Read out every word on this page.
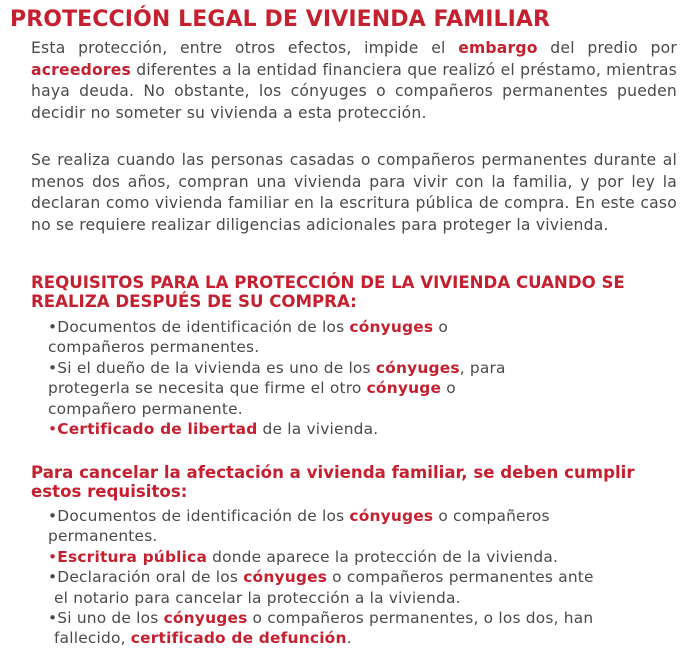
PROTECCIÓN LEGAL DE VIVIENDA FAMILIAR

Esta protección, entre otros efectos, impide el embargo del predio por acreedores diferentes a la entidad financiera que realizó el préstamo, mientras haya deuda. No obstante, los cónyuges o compañeros permanentes pueden decidir no someter su vivienda a esta protección.

Se realiza cuando las personas casadas o compañeros permanentes durante al menos dos años, compran una vivienda para vivir con la familia, y por ley la declaran como vivienda familiar en la escritura pública de compra. En este caso no se requiere realizar diligencias adicionales para proteger la vivienda.

REQUISITOS PARA LA PROTECCIÓN DE LA VIVIENDA CUANDO SE
REALIZA DESPUÉS DE SU COMPRA:
•Documentos de identificación de los cónyuges o
compañeros permanentes.
•Si el dueño de la vivienda es uno de los cónyuges, para
protegerla se necesita que firme el otro cónyuge o
compañero permanente.
•Certificado de libertad de la vivienda.
Para cancelar la afectación a vivienda familiar, se deben cumplir
estos requisitos:
•Documentos de identificación de los cónyuges o compañeros
permanentes.
•Escritura pública donde aparece la protección de la vivienda.
•Declaración oral de los cónyuges o compañeros permanentes ante
el notario para cancelar la protección a la vivienda.
•Si uno de los cónyuges o compañeros permanentes, o los dos, han
fallecido, certificado de defunción.
